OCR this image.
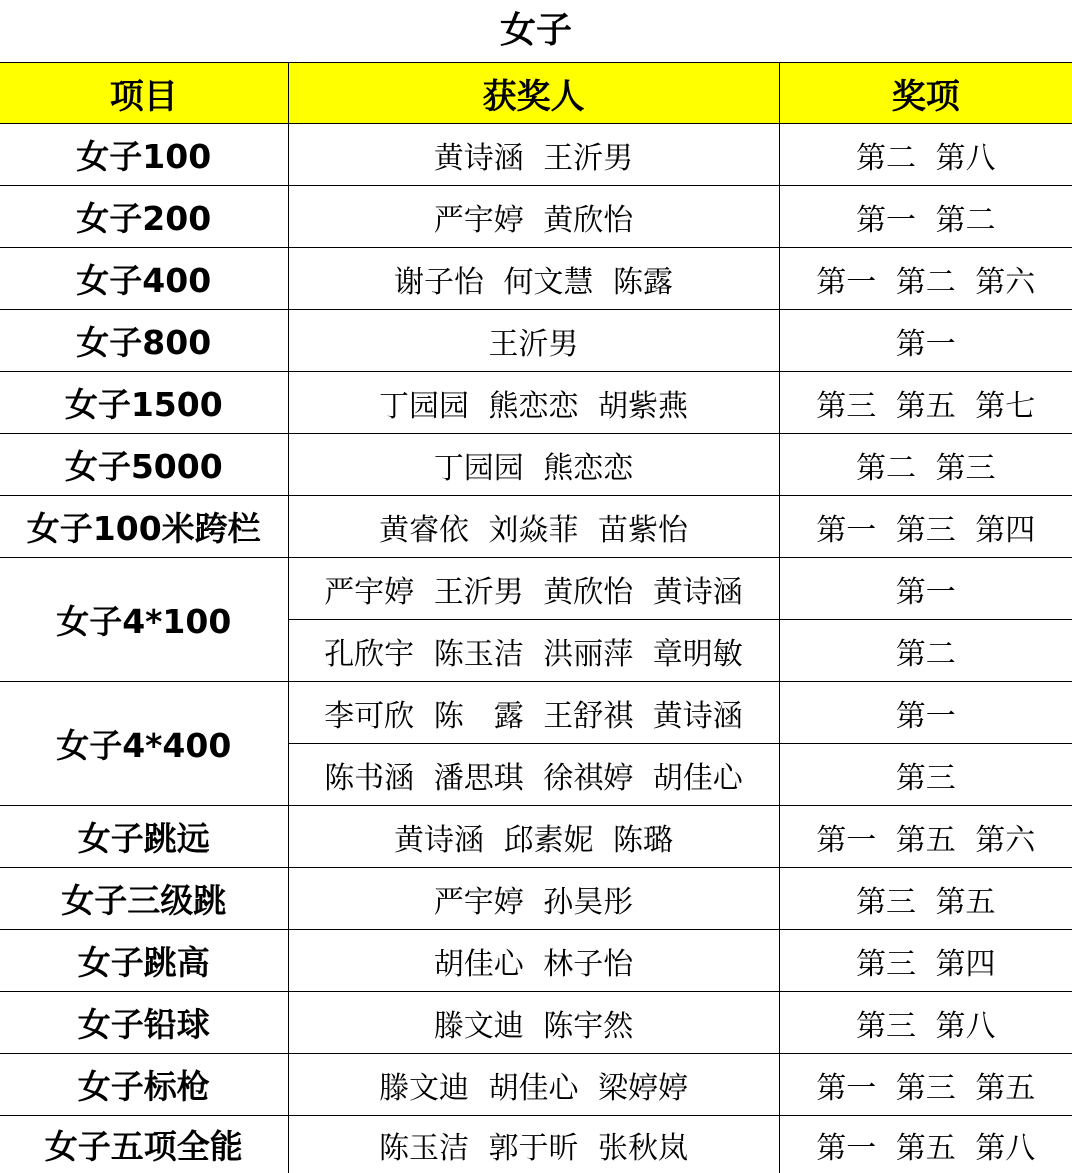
女子
项目	获奖人	奖项
女子100	黄诗涵 王沂男	第二 第八
女子200	严宇婷 黄欣怡	第一 第二
女子400	谢子怡 何文慧 陈露	第一 第二 第六
女子800	王沂男	第一
女子1500	丁园园 熊恋恋 胡紫燕	第三 第五 第七
女子5000	丁园园 熊恋恋	第二 第三
女子100米跨栏	黄睿依 刘焱菲 苗紫怡	第一 第三 第四
女子4*100	严宇婷 王沂男 黄欣怡 黄诗涵	第一
	孔欣宇 陈玉洁 洪丽萍 章明敏	第二
女子4*400	李可欣 陈　露 王舒祺 黄诗涵	第一
	陈书涵 潘思琪 徐祺婷 胡佳心	第三
女子跳远	黄诗涵 邱素妮 陈璐	第一 第五 第六
女子三级跳	严宇婷 孙昊彤	第三 第五
女子跳高	胡佳心 林子怡	第三 第四
女子铅球	滕文迪 陈宇然	第三 第八
女子标枪	滕文迪 胡佳心 梁婷婷	第一 第三 第五
女子五项全能	陈玉洁 郭于昕 张秋岚	第一 第五 第八
